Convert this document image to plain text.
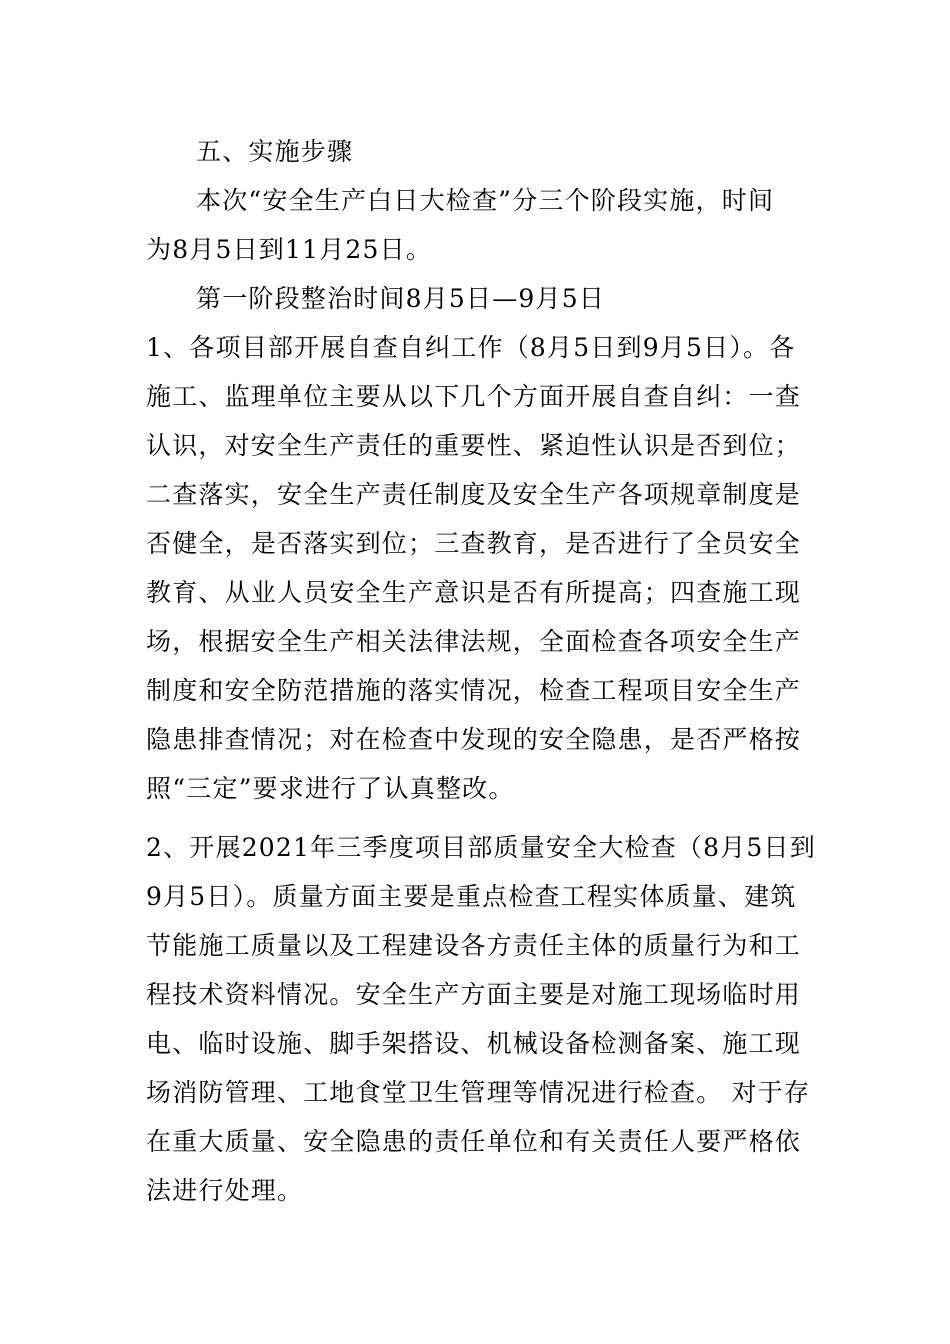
五、实施步骤
本次“安全生产白日大检查”分三个阶段实施，时间
为8月5日到11月25日。
第一阶段整治时间8月5日—9月5日
1、各项目部开展自查自纠工作（8月5日到9月5日）。各
施工、监理单位主要从以下几个方面开展自查自纠：一查
认识，对安全生产责任的重要性、紧迫性认识是否到位；
二查落实，安全生产责任制度及安全生产各项规章制度是
否健全，是否落实到位；三查教育，是否进行了全员安全
教育、从业人员安全生产意识是否有所提高；四查施工现
场，根据安全生产相关法律法规，全面检查各项安全生产
制度和安全防范措施的落实情况，检查工程项目安全生产
隐患排查情况；对在检查中发现的安全隐患，是否严格按
照“三定”要求进行了认真整改。
2、开展2021年三季度项目部质量安全大检查（8月5日到
9月5日）。质量方面主要是重点检查工程实体质量、建筑
节能施工质量以及工程建设各方责任主体的质量行为和工
程技术资料情况。安全生产方面主要是对施工现场临时用
电、临时设施、脚手架搭设、机械设备检测备案、施工现
场消防管理、工地食堂卫生管理等情况进行检查。 对于存
在重大质量、安全隐患的责任单位和有关责任人要严格依
法进行处理。
